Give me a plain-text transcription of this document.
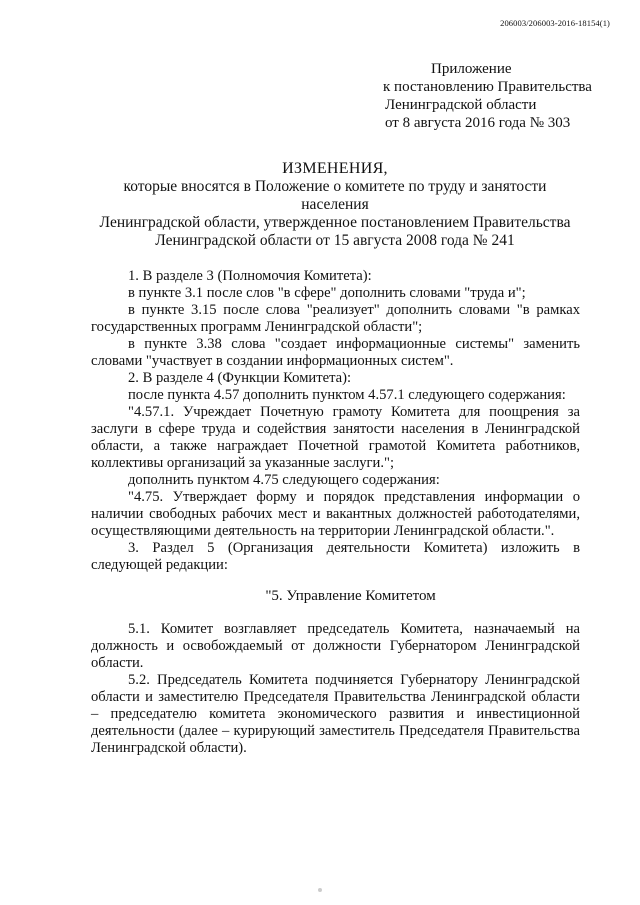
206003/206003-2016-18154(1)
Приложение
к постановлению Правительства
Ленинградской области
от 8 августа 2016 года № 303
ИЗМЕНЕНИЯ,
которые вносятся в Положение о комитете по труду и занятости населения
Ленинградской области, утвержденное постановлением Правительства
Ленинградской области от 15 августа 2008 года № 241

1. В разделе 3 (Полномочия Комитета):

в пункте 3.1 после слов "в сфере" дополнить словами "труда и";

в пункте 3.15 после слова "реализует" дополнить словами "в рамках государственных программ Ленинградской области";

в пункте 3.38 слова "создает информационные системы" заменить словами "участвует в создании информационных систем".

2. В разделе 4 (Функции Комитета):

после пункта 4.57 дополнить пунктом 4.57.1 следующего содержания:

"4.57.1. Учреждает Почетную грамоту Комитета для поощрения за заслуги в сфере труда и содействия занятости населения в Ленинградской области, а также награждает Почетной грамотой Комитета работников, коллективы организаций за указанные заслуги.";

дополнить пунктом 4.75 следующего содержания:

"4.75. Утверждает форму и порядок представления информации о наличии свободных рабочих мест и вакантных должностей работодателями, осуществляющими деятельность на территории Ленинградской области.".

3. Раздел 5 (Организация деятельности Комитета) изложить в следующей редакции:

"5. Управление Комитетом

5.1. Комитет возглавляет председатель Комитета, назначаемый на должность и освобождаемый от должности Губернатором Ленинградской области.

5.2. Председатель Комитета подчиняется Губернатору Ленинградской области и заместителю Председателя Правительства Ленинградской области – председателю комитета экономического развития и инвестиционной деятельности (далее – курирующий заместитель Председателя Правительства Ленинградской области).
